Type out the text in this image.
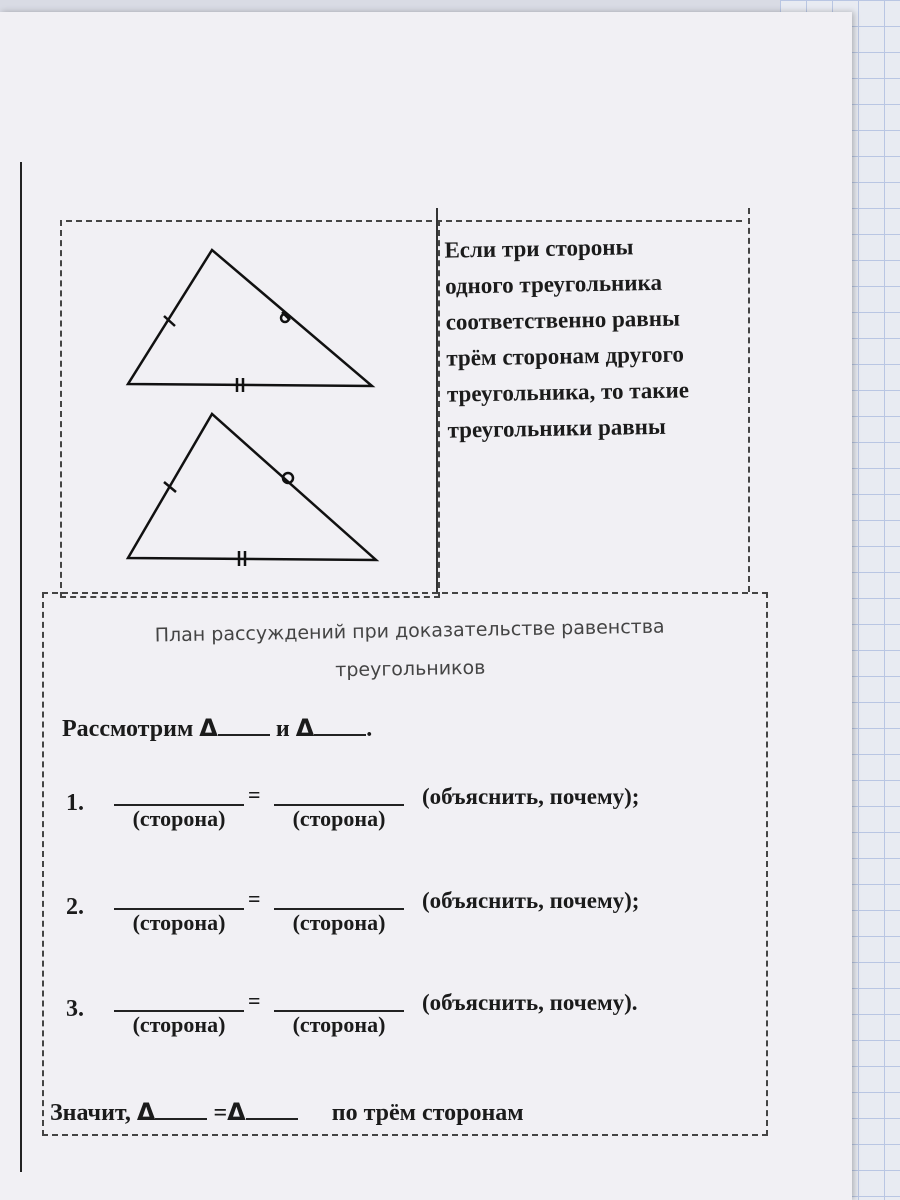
Если три стороны
одного треугольника
соответственно равны
трём сторонам другого
треугольника, то такие
треугольники равны
План рассуждений при доказательстве равенства
треугольников
Рассмотрим Δ и Δ .
1.
(сторона)
=
(сторона)
(объяснить, почему);
2.
(сторона)
=
(сторона)
(объяснить, почему);
3.
(сторона)
=
(сторона)
(объяснить, почему).
Значит, Δ =Δ	по трём сторонам
